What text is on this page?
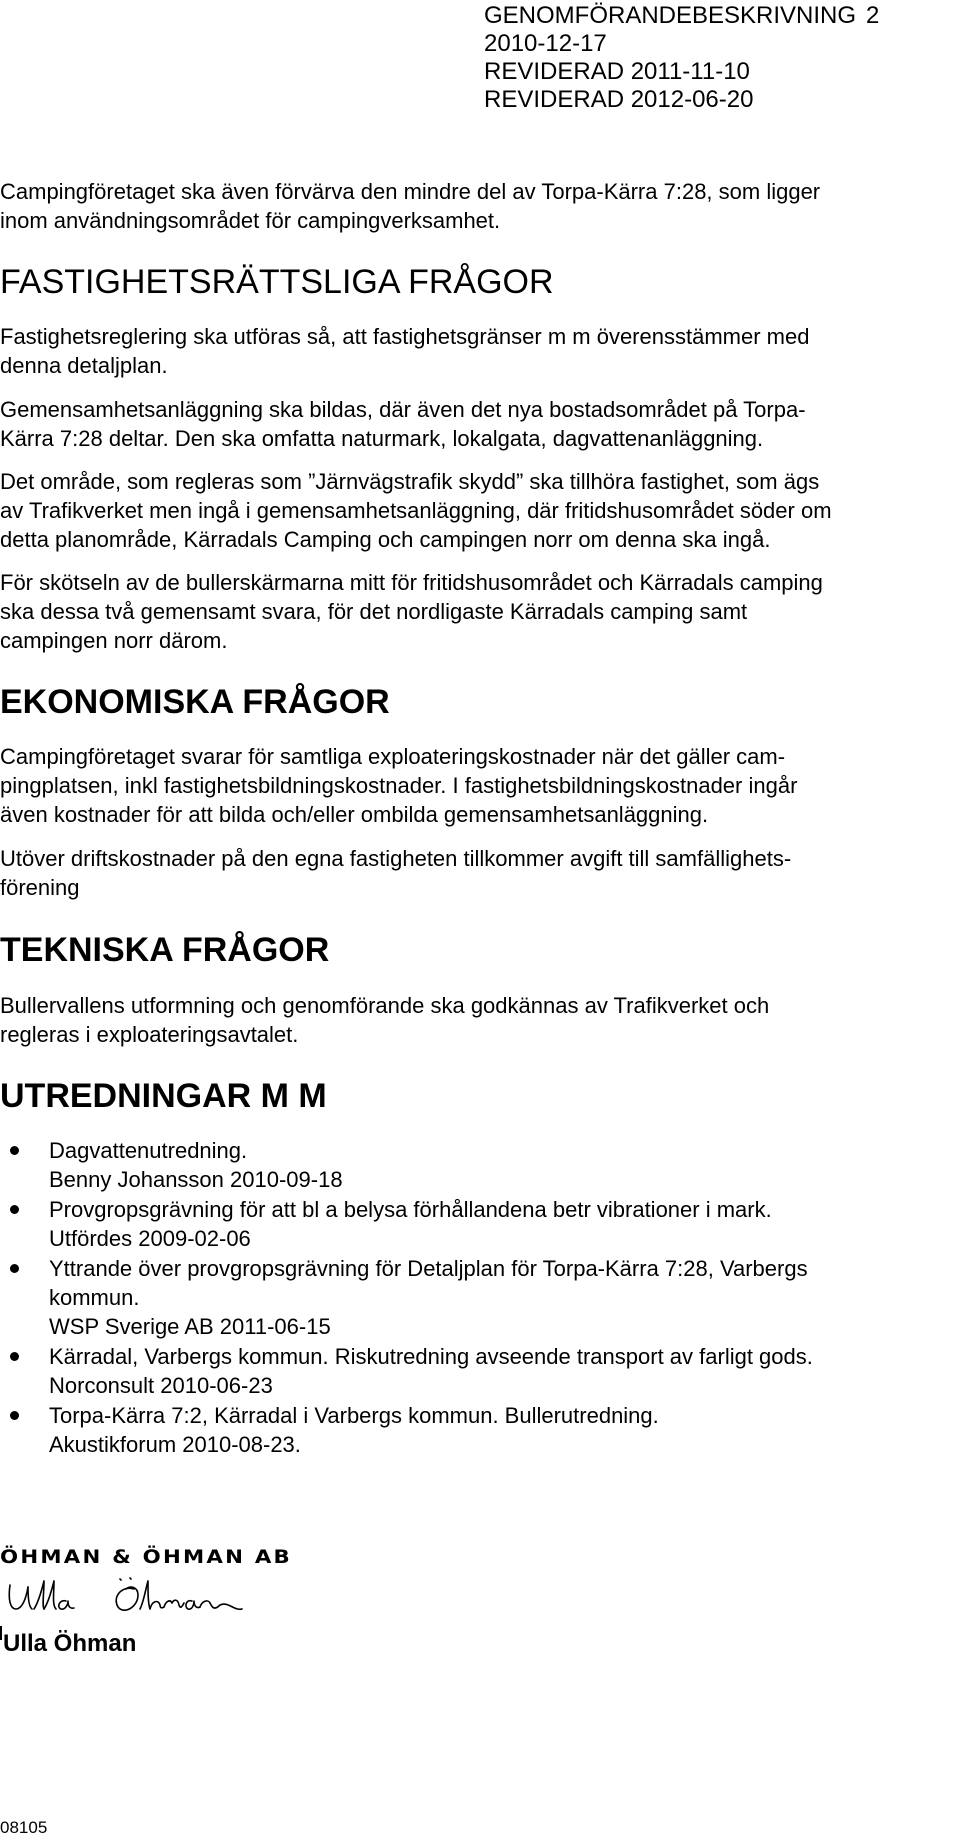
GENOMFÖRANDEBESKRIVNING 2
2010-12-17
REVIDERAD 2011-11-10
REVIDERAD 2012-06-20
Campingföretaget ska även förvärva den mindre del av Torpa-Kärra 7:28, som ligger
inom användningsområdet för campingverksamhet.
FASTIGHETSRÄTTSLIGA FRÅGOR
Fastighetsreglering ska utföras så, att fastighetsgränser m m överensstämmer med
denna detaljplan.
Gemensamhetsanläggning ska bildas, där även det nya bostadsområdet på Torpa-
Kärra 7:28 deltar. Den ska omfatta naturmark, lokalgata, dagvattenanläggning.
Det område, som regleras som ”Järnvägstrafik skydd” ska tillhöra fastighet, som ägs
av Trafikverket men ingå i gemensamhetsanläggning, där fritidshusområdet söder om
detta planområde, Kärradals Camping och campingen norr om denna ska ingå.
För skötseln av de bullerskärmarna mitt för fritidshusområdet och Kärradals camping
ska dessa två gemensamt svara, för det nordligaste Kärradals camping samt
campingen norr därom.
EKONOMISKA FRÅGOR
Campingföretaget svarar för samtliga exploateringskostnader när det gäller cam-
pingplatsen, inkl fastighetsbildningskostnader. I fastighetsbildningskostnader ingår
även kostnader för att bilda och/eller ombilda gemensamhetsanläggning.
Utöver driftskostnader på den egna fastigheten tillkommer avgift till samfällighets-
förening
TEKNISKA FRÅGOR
Bullervallens utformning och genomförande ska godkännas av Trafikverket och
regleras i exploateringsavtalet.
UTREDNINGAR M M
Dagvattenutredning.
Benny Johansson 2010-09-18
Provgropsgrävning för att bl a belysa förhållandena betr vibrationer i mark.
Utfördes 2009-02-06
Yttrande över provgropsgrävning för Detaljplan för Torpa-Kärra 7:28, Varbergs
kommun.
WSP Sverige AB 2011-06-15
Kärradal, Varbergs kommun. Riskutredning avseende transport av farligt gods.
Norconsult 2010-06-23
Torpa-Kärra 7:2, Kärradal i Varbergs kommun. Bullerutredning.
Akustikforum 2010-08-23.
ÖHMAN & ÖHMAN AB
Ulla Öhman
08105
